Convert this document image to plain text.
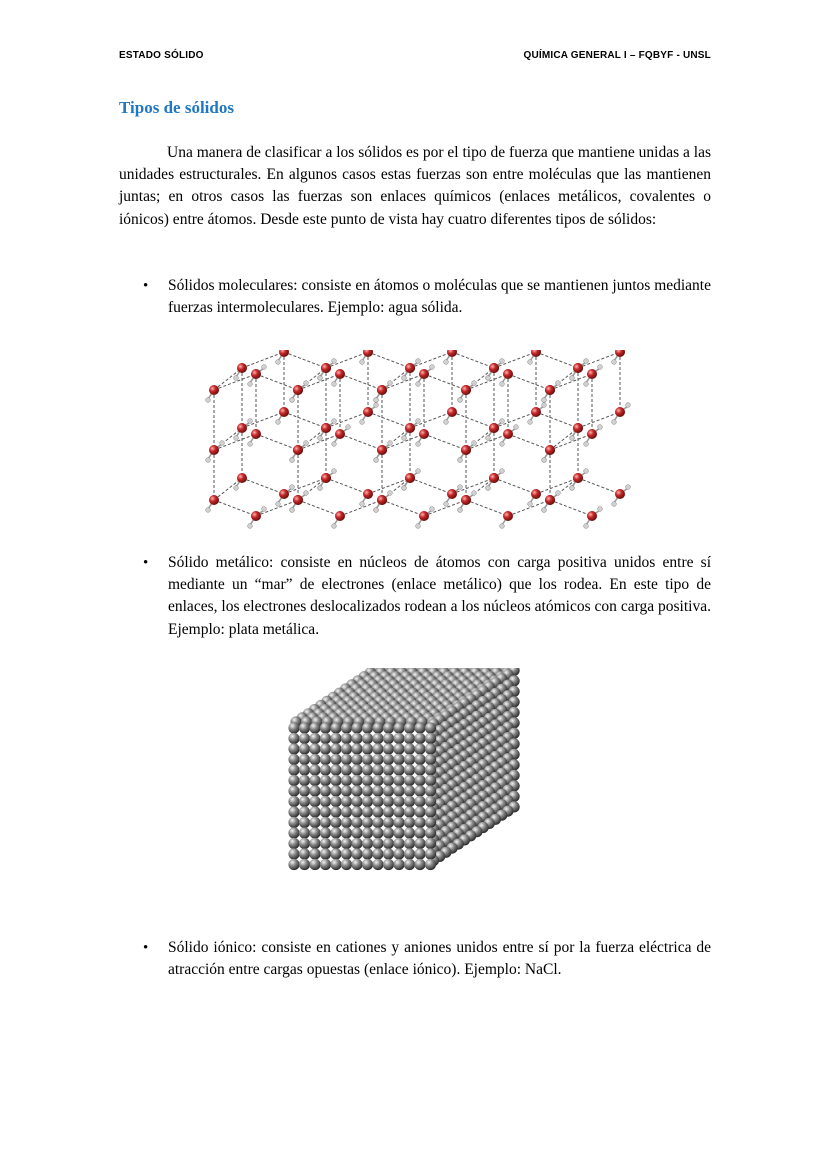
ESTADO SÓLIDO	QUÍMICA GENERAL I – FQBYF - UNSL
Tipos de sólidos

Una manera de clasificar a los sólidos es por el tipo de fuerza que mantiene unidas a las unidades estructurales. En algunos casos estas fuerzas son entre moléculas que las mantienen juntas; en otros casos las fuerzas son enlaces químicos (enlaces metálicos, covalentes o iónicos) entre átomos. Desde este punto de vista hay cuatro diferentes tipos de sólidos:

• Sólidos moleculares: consiste en átomos o moléculas que se mantienen juntos mediante fuerzas intermoleculares. Ejemplo: agua sólida.
• Sólido metálico: consiste en núcleos de átomos con carga positiva unidos entre sí mediante un “mar” de electrones (enlace metálico) que los rodea. En este tipo de enlaces, los electrones deslocalizados rodean a los núcleos atómicos con carga positiva. Ejemplo: plata metálica.
• Sólido iónico: consiste en cationes y aniones unidos entre sí por la fuerza eléctrica de atracción entre cargas opuestas (enlace iónico). Ejemplo: NaCl.
